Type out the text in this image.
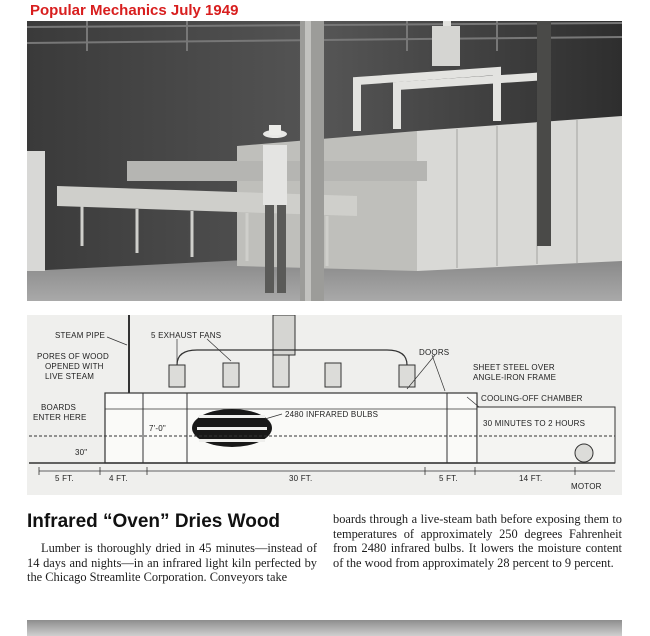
Popular Mechanics July 1949
STEAM PIPE	5 EXHAUST FANS
PORES OF WOOD
OPENED WITH
LIVE STEAM
BOARDS
ENTER HERE
DOORS
SHEET STEEL OVER
ANGLE-IRON FRAME
COOLING-OFF CHAMBER
2480 INFRARED BULBS
30 MINUTES TO 2 HOURS
7'-0"
30"
5 FT.	4 FT.	30 FT.	5 FT.	14 FT.
MOTOR
Infrared “Oven” Dries Wood
Lumber is thoroughly dried in 45 minutes—instead of 14 days and nights—in an infrared light kiln perfected by the Chicago Streamlite Corporation. Conveyors take
boards through a live-steam bath before exposing them to temperatures of approximately 250 degrees Fahrenheit from 2480 infrared bulbs. It lowers the moisture content of the wood from approximately 28 percent to 9 percent.
